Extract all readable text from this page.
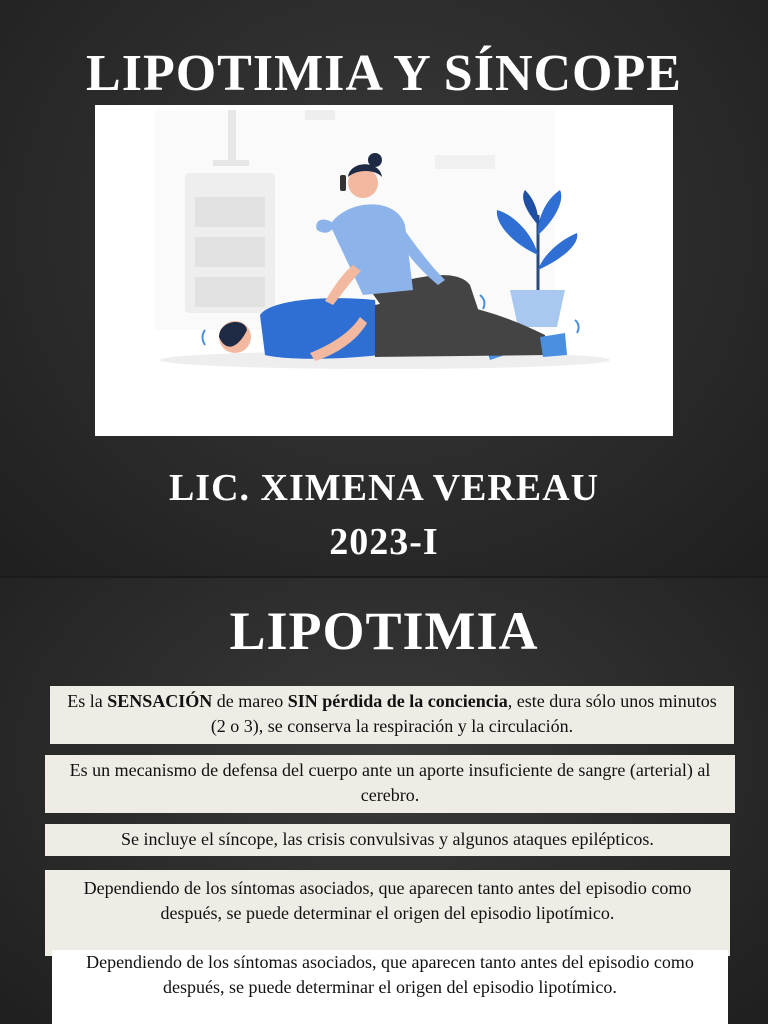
LIPOTIMIA Y SÍNCOPE
LIC. XIMENA VEREAU
2023-I
LIPOTIMIA
Es la SENSACIÓN de mareo SIN pérdida de la conciencia, este dura sólo unos minutos (2 o 3), se conserva la respiración y la circulación.
Es un mecanismo de defensa del cuerpo ante un aporte insuficiente de sangre (arterial) al cerebro.
Se incluye el síncope, las crisis convulsivas y algunos ataques epilépticos.
Dependiendo de los síntomas asociados, que aparecen tanto antes del episodio como después, se puede determinar el origen del episodio lipotímico.
Dependiendo de los síntomas asociados, que aparecen tanto antes del episodio como después, se puede determinar el origen del episodio lipotímico.
